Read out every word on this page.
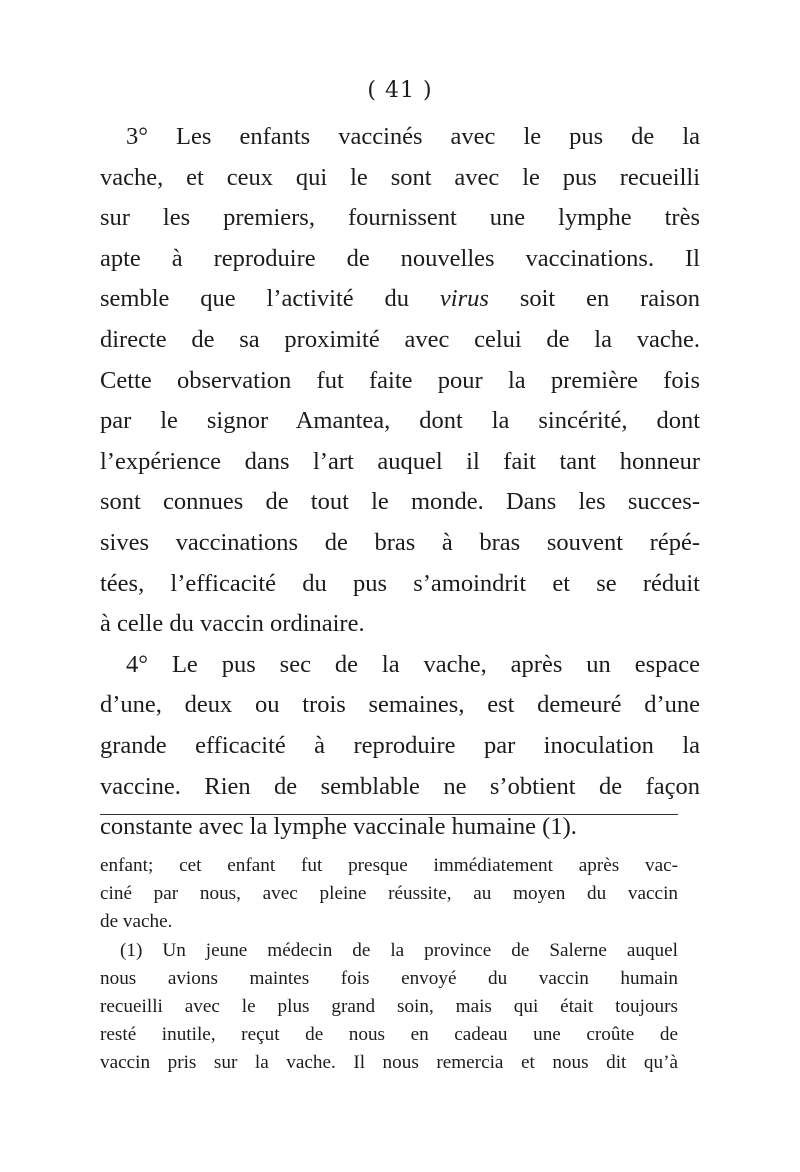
( 41 )
3° Les enfants vaccinés avec le pus de la
vache, et ceux qui le sont avec le pus recueilli
sur les premiers, fournissent une lymphe très
apte à reproduire de nouvelles vaccinations. Il
semble que l’activité du virus soit en raison
directe de sa proximité avec celui de la vache.
Cette observation fut faite pour la première fois
par le signor Amantea, dont la sincérité, dont
l’expérience dans l’art auquel il fait tant honneur
sont connues de tout le monde. Dans les succes-
sives vaccinations de bras à bras souvent répé-
tées, l’efficacité du pus s’amoindrit et se réduit
à celle du vaccin ordinaire.
4° Le pus sec de la vache, après un espace
d’une, deux ou trois semaines, est demeuré d’une
grande efficacité à reproduire par inoculation la
vaccine. Rien de semblable ne s’obtient de façon
constante avec la lymphe vaccinale humaine (1).
enfant; cet enfant fut presque immédiatement après vac-
ciné par nous, avec pleine réussite, au moyen du vaccin
de vache.
(1) Un jeune médecin de la province de Salerne auquel
nous avions maintes fois envoyé du vaccin humain
recueilli avec le plus grand soin, mais qui était toujours
resté inutile, reçut de nous en cadeau une croûte de
vaccin pris sur la vache. Il nous remercia et nous dit qu’à
